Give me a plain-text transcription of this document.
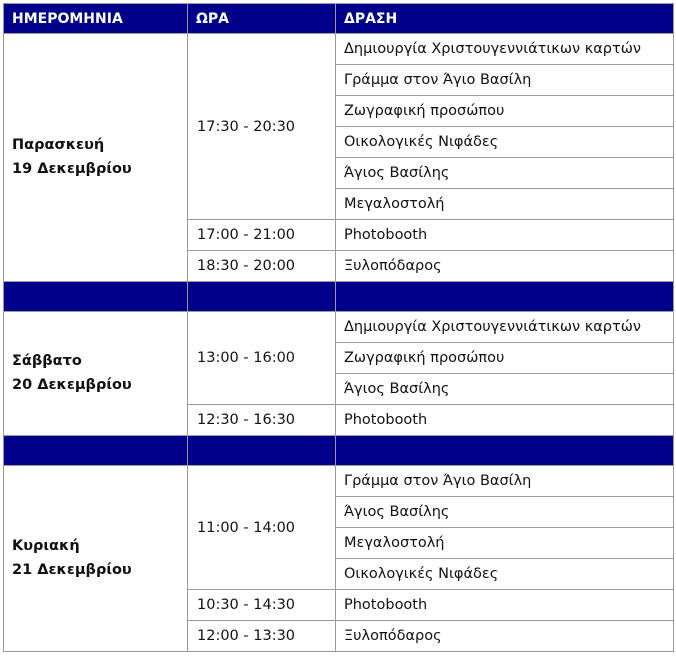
ΗΜΕΡΟΜΗΝΙΑ	ΩΡΑ	ΔΡΑΣΗ

Παρασκευή
19 Δεκεμβρίου	17:30 - 20:30	Δημιουργία Χριστουγεννιάτικων καρτών
		Γράμμα στον Άγιο Βασίλη
		Ζωγραφική προσώπου
		Οικολογικές Νιφάδες
		Άγιος Βασίλης
		Μεγαλοστολή
	17:00 - 21:00	Photobooth
	18:30 - 20:00	Ξυλοπόδαρος

Σάββατο
20 Δεκεμβρίου	13:00 - 16:00	Δημιουργία Χριστουγεννιάτικων καρτών
		Ζωγραφική προσώπου
		Άγιος Βασίλης
	12:30 - 16:30	Photobooth

Κυριακή
21 Δεκεμβρίου	11:00 - 14:00	Γράμμα στον Άγιο Βασίλη
		Άγιος Βασίλης
		Μεγαλοστολή
		Οικολογικές Νιφάδες
	10:30 - 14:30	Photobooth
	12:00 - 13:30	Ξυλοπόδαρος
